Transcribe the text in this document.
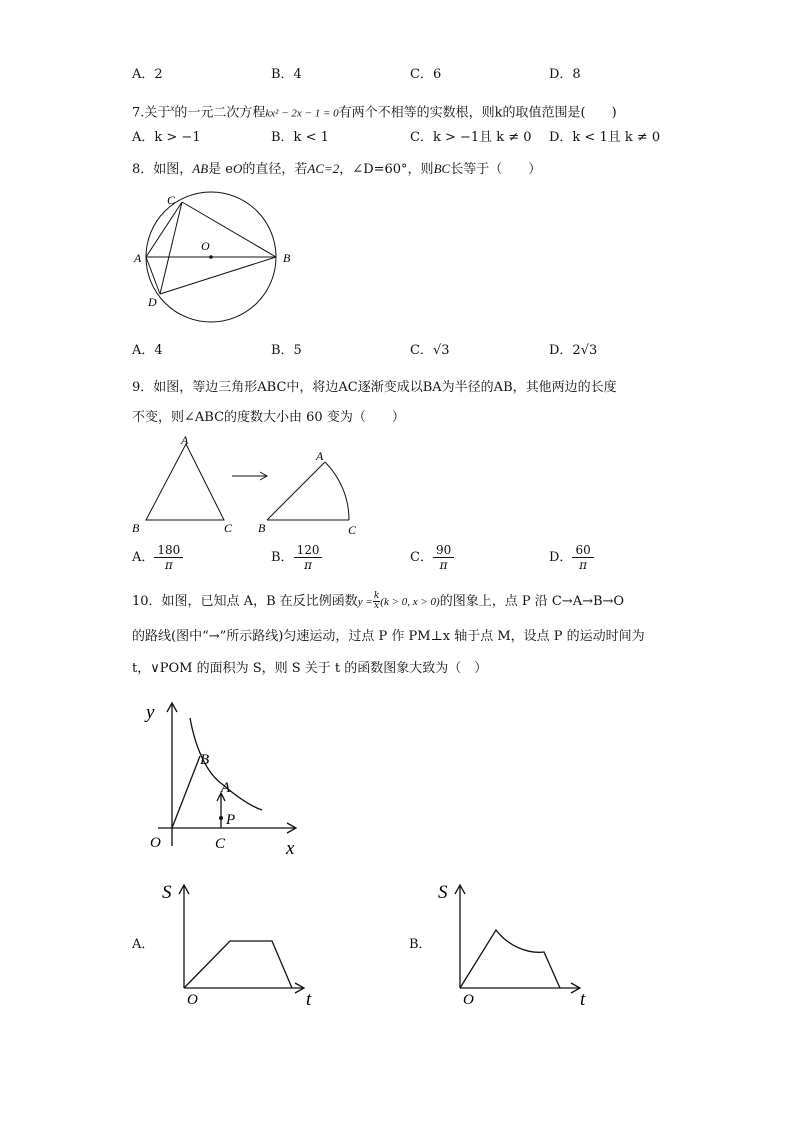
A．2	B．4	C．6	D．8
7.关于$^x$的一元二次方程kx² − 2x − 1 = 0有两个不相等的实数根，则k的取值范围是(　　)
A．k > −1	B．k < 1	C．k > −1且 k ≠ 0 D．k < 1且 k ≠ 0
8．如图，AB是 eO的直径，若AC=2，∠D=60°，则BC长等于（　　）
C
O
A	B
D
A．4	B．5	C．√3	D．2√3
9．如图，等边三角形ABC中，将边AC逐渐变成以BA为半径的AB，其他两边的长度
不变，则∠ABC的度数大小由 60 变为（　　）
A
B	C
A
B	C
A． $\frac{180}{\pi}$	B． $\frac{120}{\pi}$	C． $\frac{90}{\pi}$	D． $\frac{60}{\pi}$
10．如图，已知点 A，B 在反比例函数$y = \frac{k}{x}(k > 0$, x > 0)的图象上，点 P 沿 C→A→B→O
的路线(图中“→”所示路线)匀速运动，过点 P 作 PM⊥x 轴于点 M，设点 P 的运动时间为
t，∨POM 的面积为 S，则 S 关于 t 的函数图象大致为（　）
y
x
O	C
B
A
P
A．
S
t
O
B．
S
t
O
